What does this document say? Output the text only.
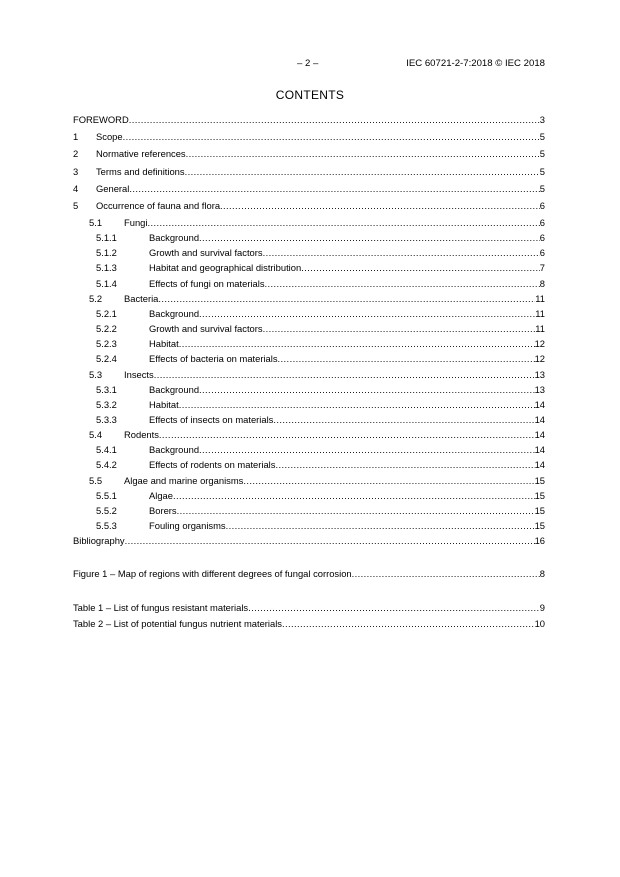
– 2 –	IEC 60721-2-7:2018 © IEC 2018
CONTENTS
FOREWORD .....	3
1 Scope .....	5
2 Normative references .....	5
3 Terms and definitions .....	5
4 General .....	5
5 Occurrence of fauna and flora .....	6
5.1 Fungi .....	6
5.1.1	Background .....	6
5.1.2	Growth and survival factors .....	6
5.1.3	Habitat and geographical distribution .....	7
5.1.4	Effects of fungi on materials .....	8
5.2 Bacteria .....	11
5.2.1	Background .....	11
5.2.2	Growth and survival factors .....	11
5.2.3	Habitat .....	12
5.2.4	Effects of bacteria on materials .....	12
5.3 Insects .....	13
5.3.1	Background .....	13
5.3.2	Habitat .....	14
5.3.3	Effects of insects on materials .....	14
5.4 Rodents .....	14
5.4.1	Background .....	14
5.4.2	Effects of rodents on materials .....	14
5.5 Algae and marine organisms .....	15
5.5.1	Algae .....	15
5.5.2	Borers .....	15
5.5.3	Fouling organisms .....	15
Bibliography .....	16
Figure 1 – Map of regions with different degrees of fungal corrosion .....	8
Table 1 – List of fungus resistant materials .....	9
Table 2 – List of potential fungus nutrient materials .....	10
